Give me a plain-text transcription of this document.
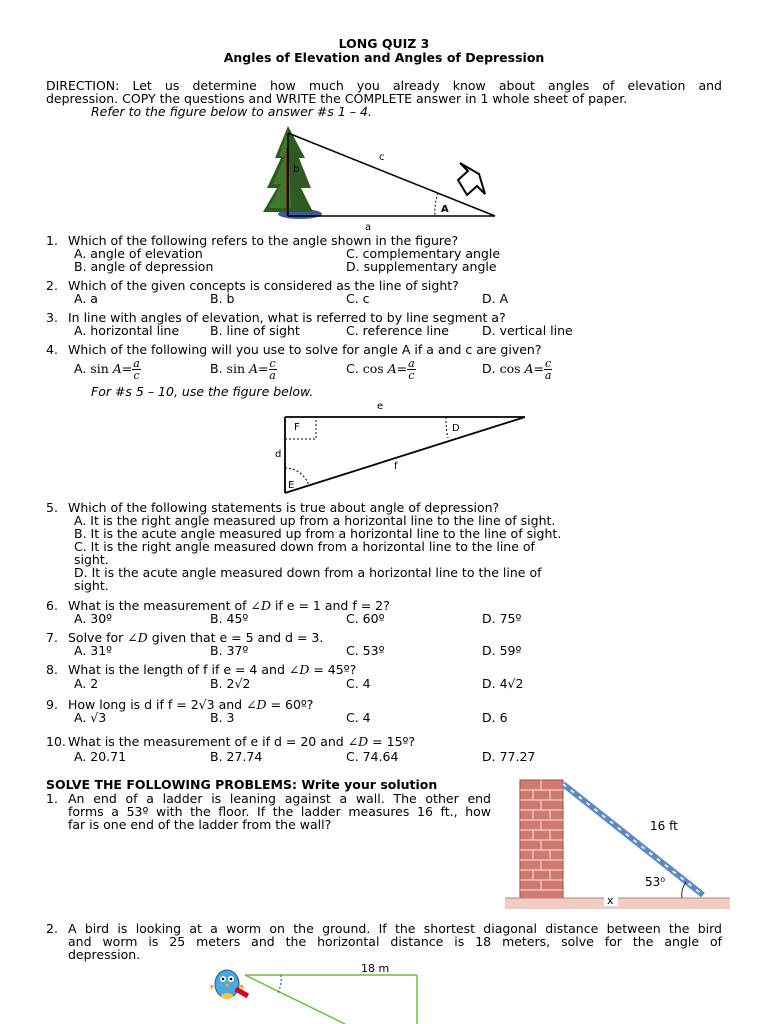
LONG QUIZ 3
Angles of Elevation and Angles of Depression
DIRECTION: Let us determine how much you already know about angles of elevation and
depression. COPY the questions and WRITE the COMPLETE answer in 1 whole sheet of paper.
Refer to the figure below to answer #s 1 – 4.
c
b
A
a
1. Which of the following refers to the angle shown in the figure?
A. angle of elevation	C. complementary angle
B. angle of depression	D. supplementary angle
2. Which of the given concepts is considered as the line of sight?
A. a	B. b	C. c	D. A
3. In line with angles of elevation, what is referred to by line segment a?
A. horizontal line B. line of sight	C. reference line	D. vertical line
4. Which of the following will you use to solve for angle A if a and c are given?
A. $\sin A= \frac{a}{c}$	B. $\sin A= \frac{c}{a}$	C. $\cos A= \frac{a}{c}$	D. $\cos A= \frac{c}{a}$
For #s 5 – 10, use the figure below.
e
F	D
d
f
E
5. Which of the following statements is true about angle of depression?
A. It is the right angle measured up from a horizontal line to the line of sight.
B. It is the acute angle measured up from a horizontal line to the line of sight.
C. It is the right angle measured down from a horizontal line to the line of
sight.
D. It is the acute angle measured down from a horizontal line to the line of
sight.
6. What is the measurement of ∠D if e = 1 and f = 2?
A. 30º	B. 45º	C. 60º	D. 75º
7. Solve for ∠D given that e = 5 and d = 3.
A. 31º	B. 37º	C. 53º	D. 59º
8. What is the length of f if e = 4 and ∠D = 45º?
A. 2	B. 2√2	C. 4	D. 4√2
9. How long is d if f = 2√3 and ∠D = 60º?
A. √3	B. 3	C. 4	D. 6
10. What is the measurement of e if d = 20 and ∠D = 15º?
A. 20.71	B. 27.74	C. 74.64	D. 77.27
SOLVE THE FOLLOWING PROBLEMS: Write your solution
1. An end of a ladder is leaning against a wall. The other end
forms a 53º with the floor. If the ladder measures 16 ft., how
far is one end of the ladder from the wall?	16 ft
53⁰
x
2. A bird is looking at a worm on the ground. If the shortest diagonal distance between the bird
and worm is 25 meters and the horizontal distance is 18 meters, solve for the angle of
depression.
18 m
